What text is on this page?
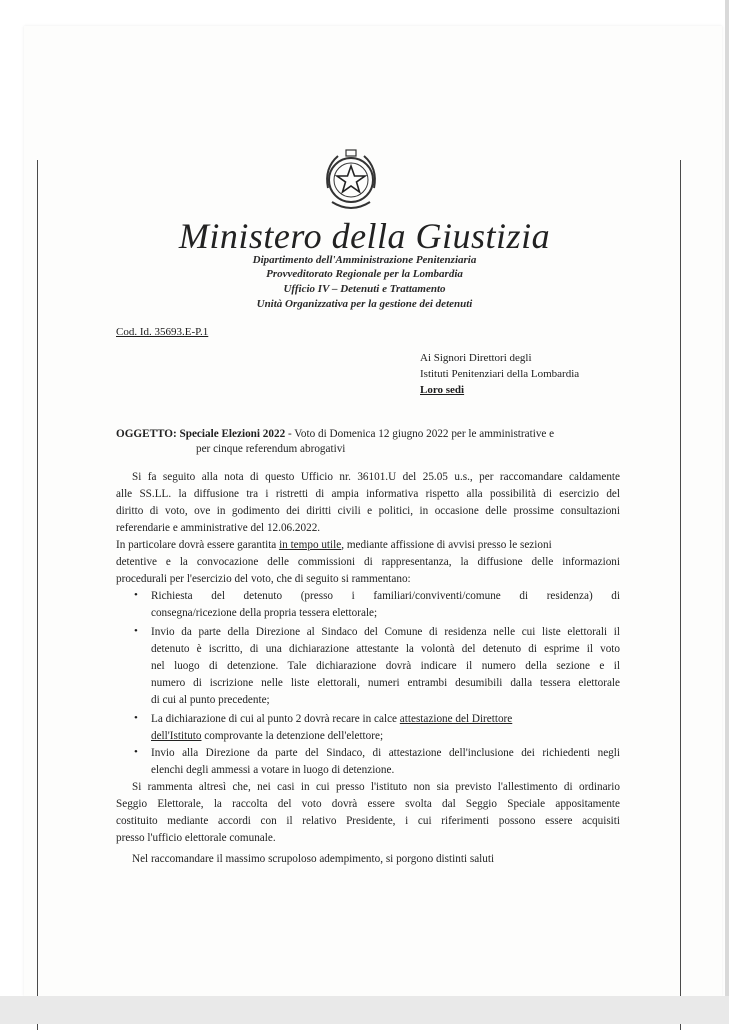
Ministero della Giustizia
Dipartimento dell'Amministrazione Penitenziaria
Provveditorato Regionale per la Lombardia
Ufficio IV – Detenuti e Trattamento
Unità Organizzativa per la gestione dei detenuti
Cod. Id. 35693.E-P.1
Ai Signori Direttori degli
Istituti Penitenziari della Lombardia
Loro sedi
OGGETTO: Speciale Elezioni 2022 - Voto di Domenica 12 giugno 2022 per le amministrative e
per cinque referendum abrogativi
Si fa seguito alla nota di questo Ufficio nr. 36101.U del 25.05 u.s., per raccomandare caldamente
alle SS.LL. la diffusione tra i ristretti di ampia informativa rispetto alla possibilità di esercizio del
diritto di voto, ove in godimento dei diritti civili e politici, in occasione delle prossime consultazioni
referendarie e amministrative del 12.06.2022.
In particolare dovrà essere garantita in tempo utile, mediante affissione di avvisi presso le sezioni
detentive e la convocazione delle commissioni di rappresentanza, la diffusione delle informazioni
procedurali per l'esercizio del voto, che di seguito si rammentano:
• Richiesta del detenuto (presso i familiari/conviventi/comune di residenza) di
consegna/ricezione della propria tessera elettorale;
• Invio da parte della Direzione al Sindaco del Comune di residenza nelle cui liste elettorali il
detenuto è iscritto, di una dichiarazione attestante la volontà del detenuto di esprime il voto
nel luogo di detenzione. Tale dichiarazione dovrà indicare il numero della sezione e il
numero di iscrizione nelle liste elettorali, numeri entrambi desumibili dalla tessera elettorale
di cui al punto precedente;
• La dichiarazione di cui al punto 2 dovrà recare in calce attestazione del Direttore
dell'Istituto comprovante la detenzione dell'elettore;
• Invio alla Direzione da parte del Sindaco, di attestazione dell'inclusione dei richiedenti negli
elenchi degli ammessi a votare in luogo di detenzione.
Si rammenta altresì che, nei casi in cui presso l'istituto non sia previsto l'allestimento di ordinario
Seggio Elettorale, la raccolta del voto dovrà essere svolta dal Seggio Speciale appositamente
costituito mediante accordi con il relativo Presidente, i cui riferimenti possono essere acquisiti
presso l'ufficio elettorale comunale.
Nel raccomandare il massimo scrupoloso adempimento, si porgono distinti saluti
